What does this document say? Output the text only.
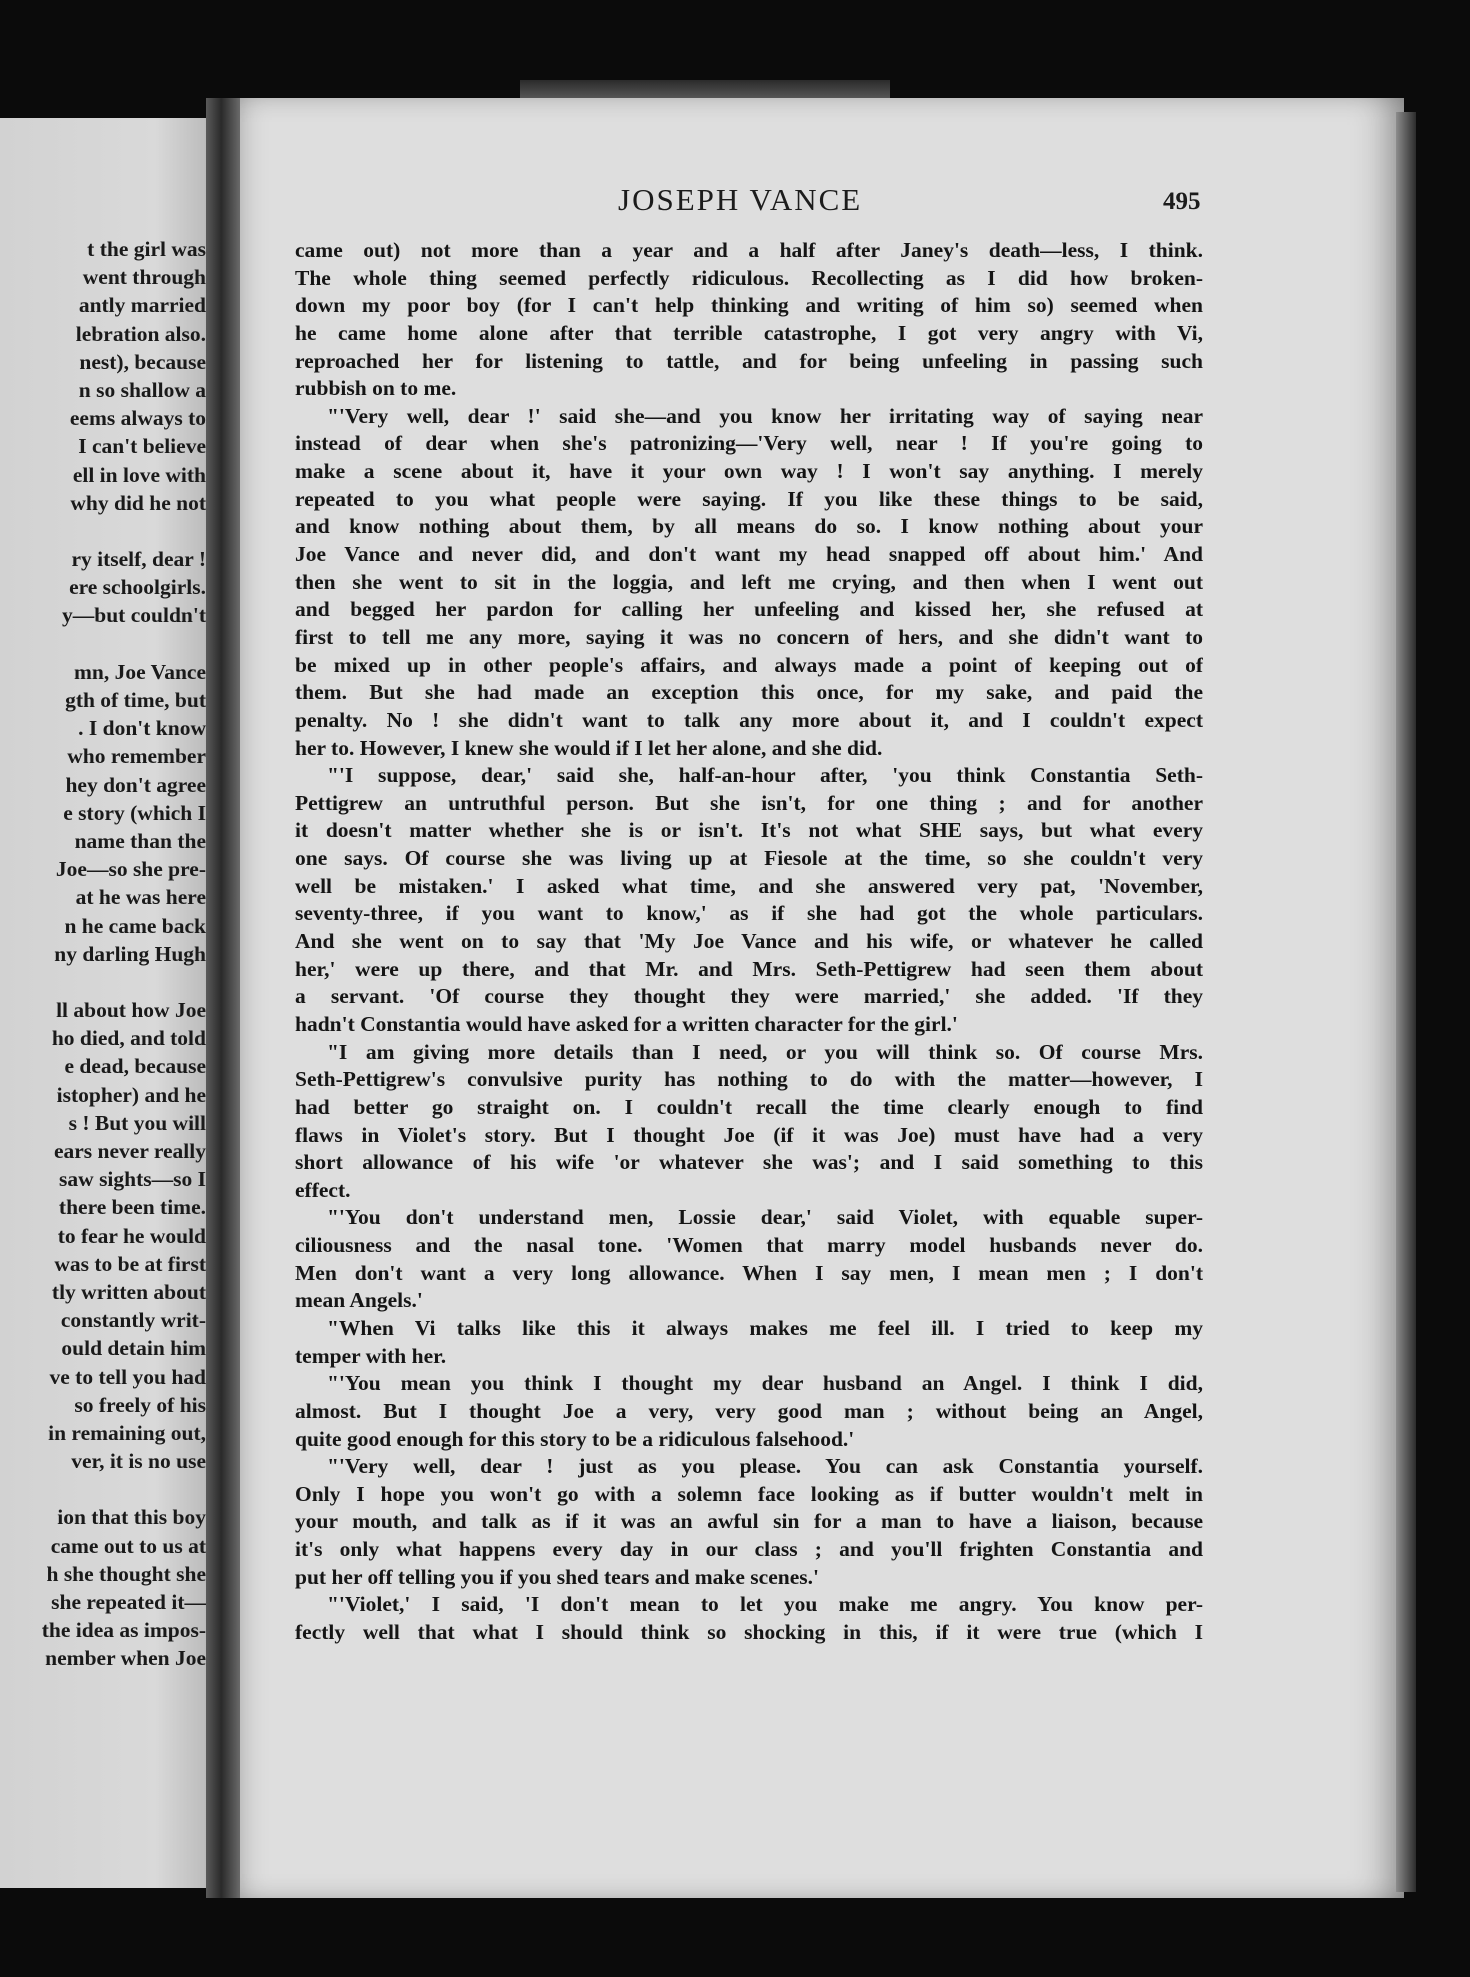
t the girl was
went through
antly married
lebration also.
nest), because
n so shallow a
eems always to
I can't believe
ell in love with
why did he not
ry itself, dear !
ere schoolgirls.
y—but couldn't
mn, Joe Vance
gth of time, but
. I don't know
who remember
hey don't agree
e story (which I
name than the
Joe—so she pre-
at he was here
n he came back
ny darling Hugh
ll about how Joe
ho died, and told
e dead, because
istopher) and he
s ! But you will
ears never really
saw sights—so I
there been time.
to fear he would
was to be at first
tly written about
constantly writ-
ould detain him
ve to tell you had
so freely of his
in remaining out,
ver, it is no use
ion that this boy
came out to us at
h she thought she
she repeated it—
the idea as impos-
nember when Joe
JOSEPH VANCE	495
came out) not more than a year and a half after Janey's death—less, I think.
The whole thing seemed perfectly ridiculous. Recollecting as I did how broken-
down my poor boy (for I can't help thinking and writing of him so) seemed when
he came home alone after that terrible catastrophe, I got very angry with Vi,
reproached her for listening to tattle, and for being unfeeling in passing such
rubbish on to me.
"'Very well, dear !' said she—and you know her irritating way of saying near
instead of dear when she's patronizing—'Very well, near ! If you're going to
make a scene about it, have it your own way ! I won't say anything. I merely
repeated to you what people were saying. If you like these things to be said,
and know nothing about them, by all means do so. I know nothing about your
Joe Vance and never did, and don't want my head snapped off about him.' And
then she went to sit in the loggia, and left me crying, and then when I went out
and begged her pardon for calling her unfeeling and kissed her, she refused at
first to tell me any more, saying it was no concern of hers, and she didn't want to
be mixed up in other people's affairs, and always made a point of keeping out of
them. But she had made an exception this once, for my sake, and paid the
penalty. No ! she didn't want to talk any more about it, and I couldn't expect
her to. However, I knew she would if I let her alone, and she did.
"'I suppose, dear,' said she, half-an-hour after, 'you think Constantia Seth-
Pettigrew an untruthful person. But she isn't, for one thing ; and for another
it doesn't matter whether she is or isn't. It's not what SHE says, but what every
one says. Of course she was living up at Fiesole at the time, so she couldn't very
well be mistaken.' I asked what time, and she answered very pat, 'November,
seventy-three, if you want to know,' as if she had got the whole particulars.
And she went on to say that 'My Joe Vance and his wife, or whatever he called
her,' were up there, and that Mr. and Mrs. Seth-Pettigrew had seen them about
a servant. 'Of course they thought they were married,' she added. 'If they
hadn't Constantia would have asked for a written character for the girl.'
"I am giving more details than I need, or you will think so. Of course Mrs.
Seth-Pettigrew's convulsive purity has nothing to do with the matter—however, I
had better go straight on. I couldn't recall the time clearly enough to find
flaws in Violet's story. But I thought Joe (if it was Joe) must have had a very
short allowance of his wife 'or whatever she was'; and I said something to this
effect.
"'You don't understand men, Lossie dear,' said Violet, with equable super-
ciliousness and the nasal tone. 'Women that marry model husbands never do.
Men don't want a very long allowance. When I say men, I mean men ; I don't
mean Angels.'
"When Vi talks like this it always makes me feel ill. I tried to keep my
temper with her.
"'You mean you think I thought my dear husband an Angel. I think I did,
almost. But I thought Joe a very, very good man ; without being an Angel,
quite good enough for this story to be a ridiculous falsehood.'
"'Very well, dear ! just as you please. You can ask Constantia yourself.
Only I hope you won't go with a solemn face looking as if butter wouldn't melt in
your mouth, and talk as if it was an awful sin for a man to have a liaison, because
it's only what happens every day in our class ; and you'll frighten Constantia and
put her off telling you if you shed tears and make scenes.'
"'Violet,' I said, 'I don't mean to let you make me angry. You know per-
fectly well that what I should think so shocking in this, if it were true (which I
